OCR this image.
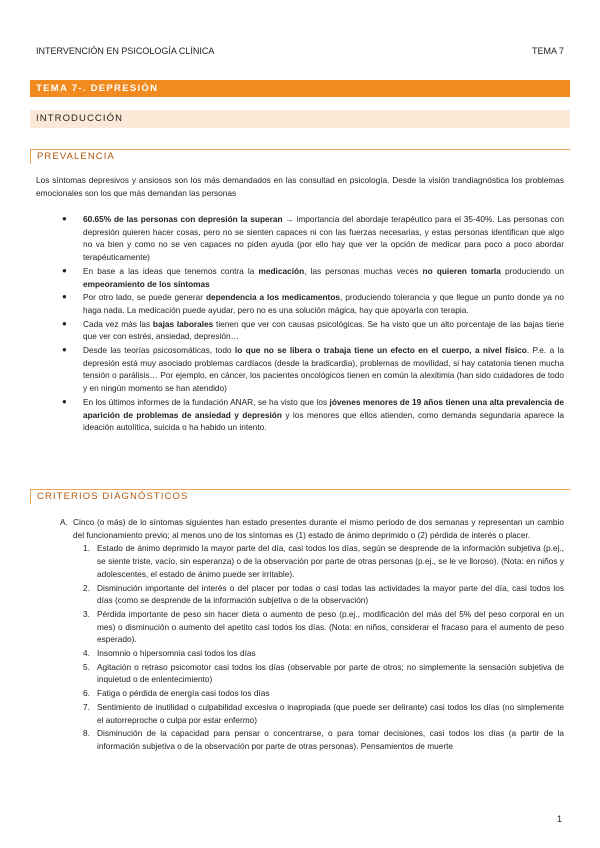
INTERVENCIÓN EN PSICOLOGÍA CLÍNICA	TEMA 7
TEMA 7-. DEPRESIÓN
INTRODUCCIÓN
PREVALENCIA
Los síntomas depresivos y ansiosos son los más demandados en las consultad en psicología. Desde la visión trandiagnóstica los problemas emocionales son los que más demandan las personas
● 60.65% de las personas con depresión la superan → importancia del abordaje terapéutico para el 35-40%. Las personas con depresión quieren hacer cosas, pero no se sienten capaces ni con las fuerzas necesarias, y estas personas identifican que algo no va bien y como no se ven capaces no piden ayuda (por ello hay que ver la opción de medicar para poco a poco abordar terapéuticamente)
● En base a las ideas que tenemos contra la medicación, las personas muchas veces no quieren tomarla produciendo un empeoramiento de los síntomas
● Por otro lado, se puede generar dependencia a los medicamentos, produciendo tolerancia y que llegue un punto donde ya no haga nada. La medicación puede ayudar, pero no es una solución mágica, hay que apoyarla con terapia.
● Cada vez más las bajas laborales tienen que ver con causas psicológicas. Se ha visto que un alto porcentaje de las bajas tiene que ver con estrés, ansiedad, depresión…
● Desde las teorías psicosomáticas, todo lo que no se libera o trabaja tiene un efecto en el cuerpo, a nivel físico. P.e. a la depresión está muy asociado problemas cardíacos (desde la bradicardia), problemas de movilidad, si hay catatonia tienen mucha tensión o parálisis… Por ejemplo, en cáncer, los pacientes oncológicos tienen en común la alexitimia (han sido cuidadores de todo y en ningún momento se han atendido)
● En los últimos informes de la fundación ANAR, se ha visto que los jóvenes menores de 19 años tienen una alta prevalencia de aparición de problemas de ansiedad y depresión y los menores que ellos atienden, como demanda segundaria aparece la ideación autolítica, suicida o ha habido un intento.
CRITERIOS DIAGNÓSTICOS
A. Cinco (o más) de lo síntomas siguientes han estado presentes durante el mismo periodo de dos semanas y representan un cambio del funcionamiento previo; al menos uno de los síntomas es (1) estado de ánimo deprimido o (2) pérdida de interés o placer.
1. Estado de ánimo deprimido la mayor parte del día, casi todos los días, según se desprende de la información subjetiva (p.ej., se siente triste, vacío, sin esperanza) o de la observación por parte de otras personas (p.ej., se le ve lloroso). (Nota: en niños y adolescentes, el estado de ánimo puede ser irritable).
2. Disminución importante del interés o del placer por todas o casi todas las actividades la mayor parte del día, casi todos los días (como se desprende de la información subjetiva o de la observación)
3. Pérdida importante de peso sin hacer dieta o aumento de peso (p.ej., modificación del más del 5% del peso corporal en un mes) o disminución o aumento del apetito casi todos los días. (Nota: en niños, considerar el fracaso para el aumento de peso esperado).
4. Insomnio o hipersomnia casi todos los días
5. Agitación o retraso psicomotor casi todos los días (observable por parte de otros; no simplemente la sensación subjetiva de inquietud o de enlentecimiento)
6. Fatiga o pérdida de energía casi todos los días
7. Sentimiento de inutilidad o culpabilidad excesiva o inapropiada (que puede ser delirante) casi todos los días (no simplemente el autorreproche o culpa por estar enfermo)
8. Disminución de la capacidad para pensar o concentrarse, o para tomar decisiones, casi todos los días (a partir de la información subjetiva o de la observación por parte de otras personas). Pensamientos de muerte
1
